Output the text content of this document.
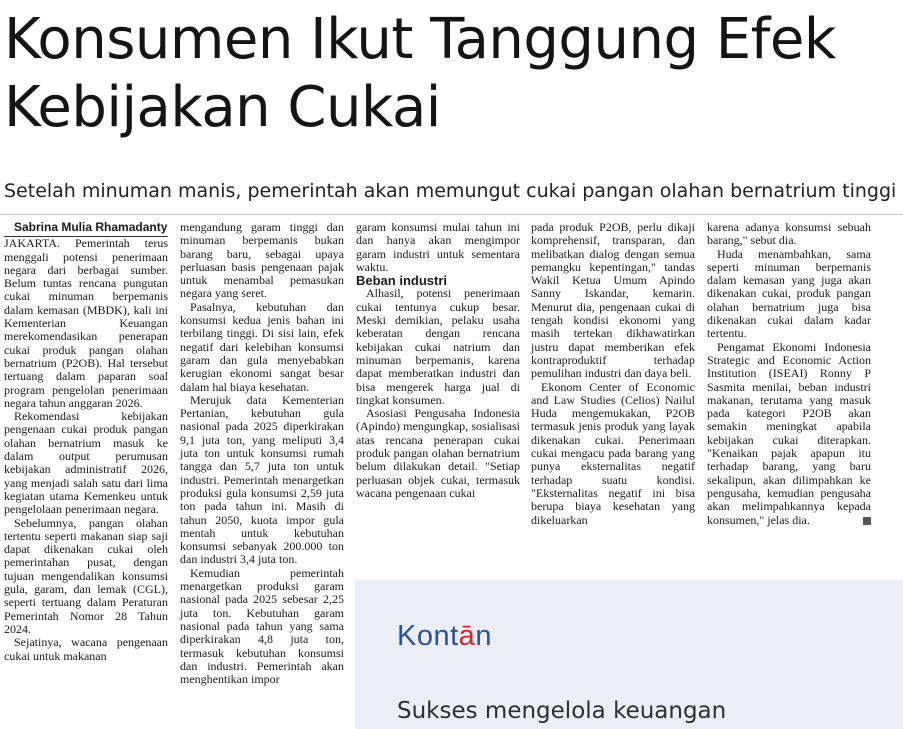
Konsumen Ikut Tanggung Efek Kebijakan Cukai

Setelah minuman manis, pemerintah akan memungut cukai pangan olahan bernatrium tinggi

Sabrina Mulia Rhamadanty

JAKARTA. Pemerintah terus menggali potensi penerimaan negara dari berbagai sumber. Belum tuntas rencana pungutan cukai minuman berpemanis dalam kemasan (MBDK), kali ini Kementerian Keuangan merekomendasikan penerapan cukai produk pangan olahan bernatrium (P2OB). Hal tersebut tertuang dalam paparan soal program pengelolan penerimaan negara tahun anggaran 2026.

Rekomendasi kebijakan pengenaan cukai produk pangan olahan bernatrium masuk ke dalam output perumusan kebijakan administratif 2026, yang menjadi salah satu dari lima kegiatan utama Kemenkeu untuk pengelolaan penerimaan negara.

Sebelumnya, pangan olahan tertentu seperti makanan siap saji dapat dikenakan cukai oleh pemerintahan pusat, dengan tujuan mengendalikan konsumsi gula, garam, dan lemak (CGL), seperti tertuang dalam Peraturan Pemerintah Nomor 28 Tahun 2024.

Sejatinya, wacana pengenaan cukai untuk makanan

mengandung garam tinggi dan minuman berpemanis bukan barang baru, sebagai upaya perluasan basis pengenaan pajak untuk menambal pemasukan negara yang seret.

Pasalnya, kebutuhan dan konsumsi keduа jenis bahan ini terbilang tinggi. Di sisi lain, efek negatif dari kelebihan konsumsi garam dan gula menyebabkan kerugian ekonomi sangat besar dalam hal biaya kesehatan.

Merujuk data Kementerian Pertanian, kebutuhan gula nasional pada 2025 diperkirakan 9,1 juta ton, yang meliputi 3,4 juta ton untuk konsumsi rumah tangga dan 5,7 juta ton untuk industri. Pemerintah menargetkan produksi gula konsumsi 2,59 juta ton pada tahun ini. Masih di tahun 2050, kuota impor gula mentah untuk kebutuhan konsumsi sebanyak 200.000 ton dan industri 3,4 juta ton.

Kemudian pemerintah menargetkan produksi garam nasional pada 2025 sebesar 2,25 juta ton. Kebutuhan garam nasional pada tahun yang sama diperkirakan 4,8 juta ton, termasuk kebutuhan konsumsi dan industri. Pemerintah akan menghentikan impor

garam konsumsi mulai tahun ini dan hanya akan mengimpor garam industri untuk sementara waktu.

Beban industri

Alhasil, potensi penerimaan cukai tentunya cukup besar. Meski demikian, pelaku usaha keberatan dengan rencana kebijakan cukai natrium dan minuman berpemanis, karena dapat memberatkan industri dan bisa mengerek harga jual di tingkat konsumen.

Asosiasi Pengusaha Indonesia (Apindo) mengungkap, sosialisasi atas rencana penerapan cukai produk pangan olahan bernatrium belum dilakukan detail. "Setiap perluasan objek cukai, termasuk wacana pengenaan cukai

pada produk P2OB, perlu dikaji komprehensif, transparan, dan melibatkan dialog dengan semua pemangku kepentingan," tandas Wakil Ketua Umum Apindo Sanny Iskandar, kemarin. Menurut dia, pengenaan cukai di tengah kondisi ekonomi yang masih tertekan dikhawatirkan justru dapat memberikan efek kontraproduktif terhadap pemulihan industri dan daya beli.

Ekonom Center of Economic and Law Studies (Celios) Nailul Huda mengemukakan, P2OB termasuk jenis produk yang layak dikenakan cukai. Penerimaan cukai mengacu pada barang yang punya eksternalitas negatif terhadap suatu kondisi. "Eksternalitas negatif ini bisa berupa biaya kesehatan yang dikeluarkan

karena adanya konsumsi sebuah barang," sebut dia.

Huda menambahkan, sama seperti minuman berpemanis dalam kemasan yang juga akan dikenakan cukai, produk pangan olahan bernatrium juga bisa dikenakan cukai dalam kadar tertentu.

Pengamat Ekonomi Indonesia Strategic and Economic Action Institution (ISEAI) Ronny P Sasmita menilai, beban industri makanan, terutama yang masuk pada kategori P2OB akan semakin meningkat apabila kebijakan cukai diterapkan. "Kenaikan pajak apapun itu terhadap barang, yang baru sekalipun, akan dilimpahkan ke pengusaha, kemudian pengusaha akan melimpahkannya kepada konsumen," jelas dia.

Kontān
Sukses mengelola keuangan
